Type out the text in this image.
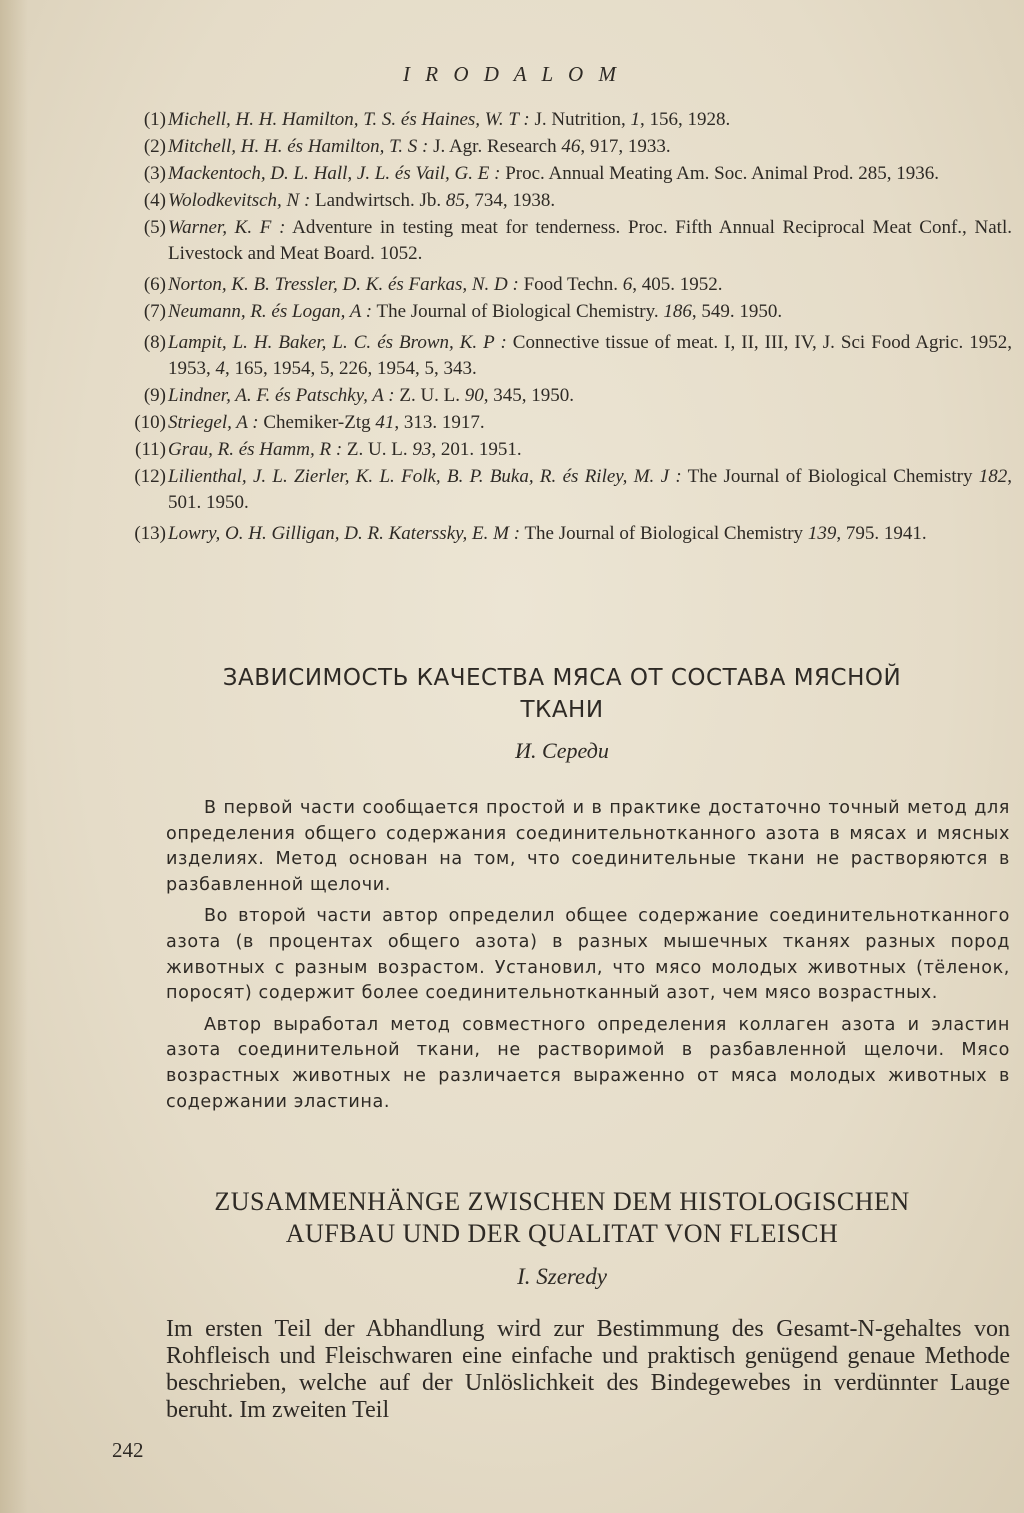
I R O D A L O M
(1) Michell, H. H. Hamilton, T. S. és Haines, W. T : J. Nutrition, 1, 156, 1928.
(2) Mitchell, H. H. és Hamilton, T. S : J. Agr. Research 46, 917, 1933.
(3) Mackentoch, D. L. Hall, J. L. és Vail, G. E : Proc. Annual Meating Am. Soc. Animal Prod. 285, 1936.
(4) Wolodkevitsch, N : Landwirtsch. Jb. 85, 734, 1938.
(5) Warner, K. F : Adventure in testing meat for tenderness. Proc. Fifth Annual Reciprocal Meat Conf., Natl. Livestock and Meat Board. 1052.
(6) Norton, K. B. Tressler, D. K. és Farkas, N. D : Food Techn. 6, 405. 1952.
(7) Neumann, R. és Logan, A : The Journal of Biological Chemistry. 186, 549. 1950.
(8) Lampit, L. H. Baker, L. C. és Brown, K. P : Connective tissue of meat. I, II, III, IV, J. Sci Food Agric. 1952, 1953, 4, 165, 1954, 5, 226, 1954, 5, 343.
(9) Lindner, A. F. és Patschky, A : Z. U. L. 90, 345, 1950.
(10) Striegel, A : Chemiker-Ztg 41, 313. 1917.
(11) Grau, R. és Hamm, R : Z. U. L. 93, 201. 1951.
(12) Lilienthal, J. L. Zierler, K. L. Folk, B. P. Buka, R. és Riley, M. J : The Journal of Biological Chemistry 182, 501. 1950.
(13) Lowry, O. H. Gilligan, D. R. Katerssky, E. M : The Journal of Biological Chemistry 139, 795. 1941.
ЗАВИСИМОСТЬ КАЧЕСТВА МЯСА ОТ СОСТАВА МЯСНОЙ
ТКАНИ
И. Середи

В первой части сообщается простой и в практике достаточно точный метод для определения общего содержания соединительнотканного азота в мясах и мясных изделиях. Метод основан на том, что соединительные ткани не растворяются в разбавленной щелочи.

Во второй части автор определил общее содержание соединительнотканного азота (в процентах общего азота) в разных мышечных тканях разных пород животных с разным возрастом. Установил, что мясо молодых животных (тёленок, поросят) содержит более соединительнотканный азот, чем мясо возрастных.

Автор выработал метод совместного определения коллаген азота и эластин азота соединительной ткани, не растворимой в разбавленной щелочи. Мясо возрастных животных не различается выраженно от мяса молодых животных в содержании эластина.

ZUSAMMENHÄNGE ZWISCHEN DEM HISTOLOGISCHEN
AUFBAU UND DER QUALITAT VON FLEISCH
I. Szeredy

Im ersten Teil der Abhandlung wird zur Bestimmung des Gesamt-N-gehaltes von Rohfleisch und Fleischwaren eine einfache und praktisch genügend genaue Methode beschrieben, welche auf der Unlöslichkeit des Bindegewebes in verdünnter Lauge beruht. Im zweiten Teil

242
